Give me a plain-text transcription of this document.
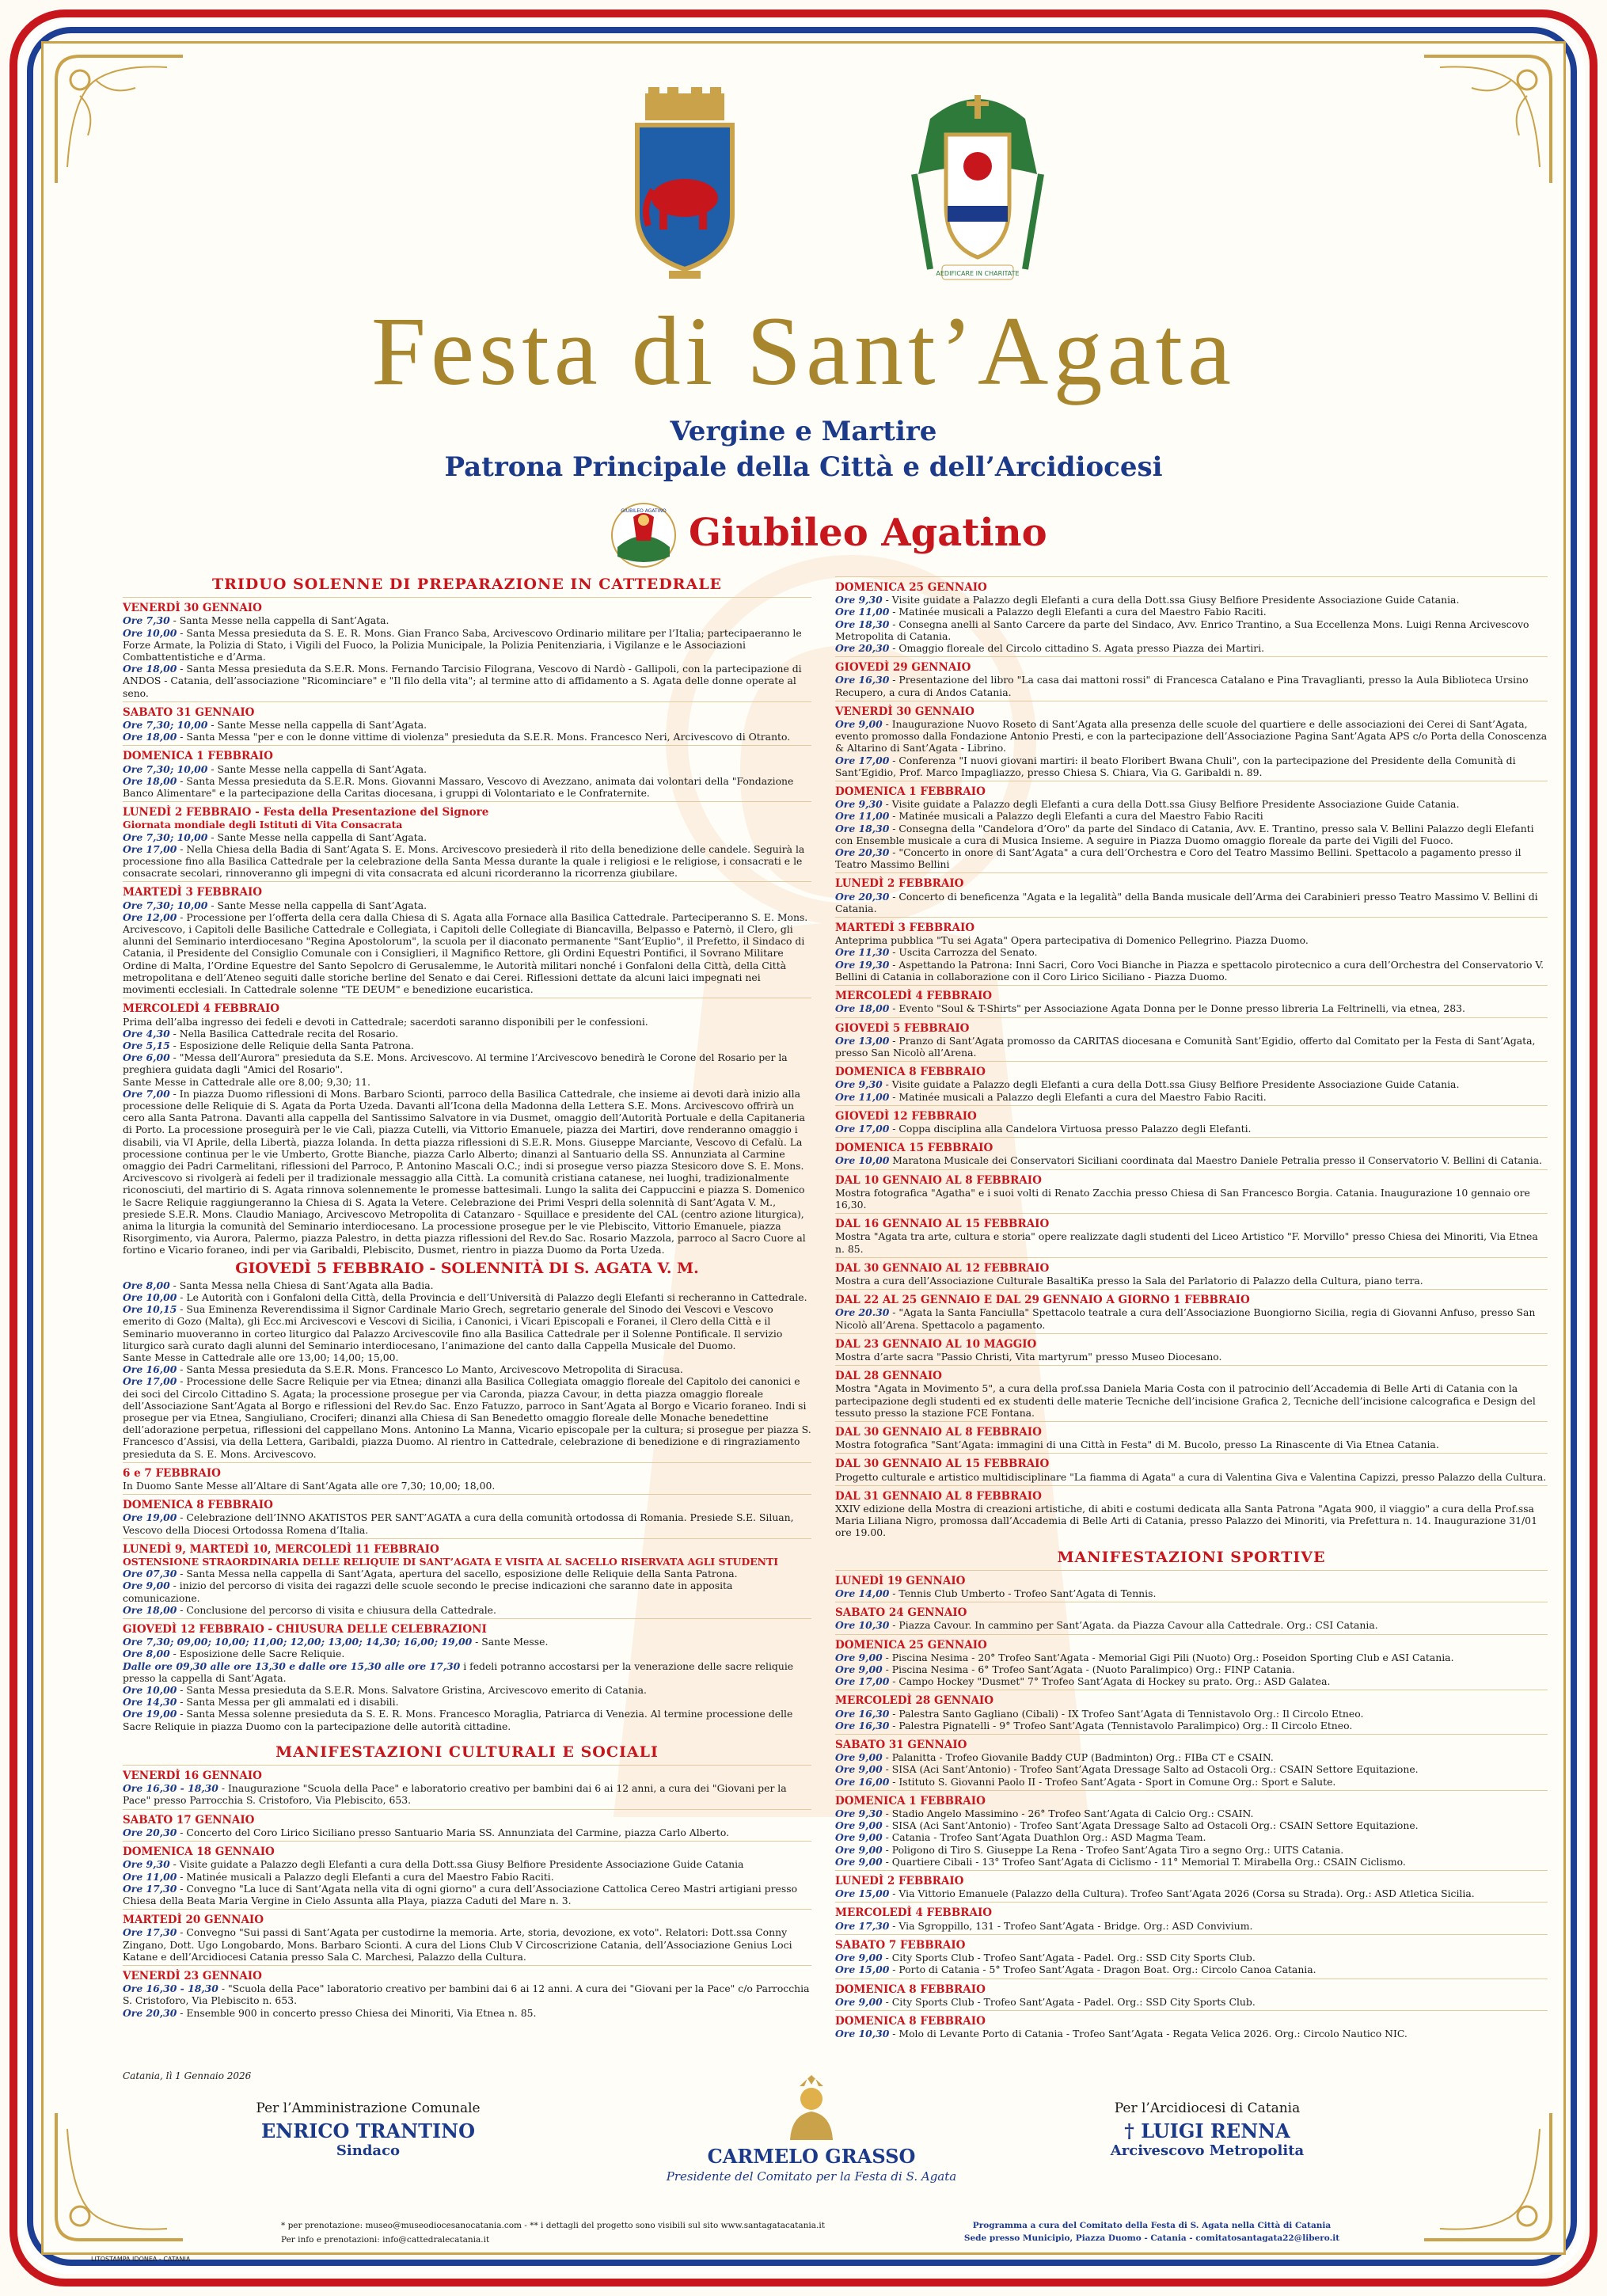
AEDIFICARE IN CHARITATE
Festa di Sant’Agata
Vergine e Martire
Patrona Principale della Città e dell’Arcidiocesi
GIUBILEO AGATINO Giubileo Agatino
TRIDUO SOLENNE DI PREPARAZIONE IN CATTEDRALE
VENERDÌ 30 GENNAIO

Ore 7,30 - Santa Messe nella cappella di Sant’Agata.

Ore 10,00 - Santa Messa presieduta da S. E. R. Mons. Gian Franco Saba, Arcivescovo Ordinario militare per l’Italia; partecipaeranno le Forze Armate, la Polizia di Stato, i Vigili del Fuoco, la Polizia Municipale, la Polizia Penitenziaria, i Vigilanze e le Associazioni Combattentistiche e d’Arma.

Ore 18,00 - Santa Messa presieduta da S.E.R. Mons. Fernando Tarcisio Filograna, Vescovo di Nardò - Gallipoli, con la partecipazione di ANDOS - Catania, dell’associazione "Ricominciare" e "Il filo della vita"; al termine atto di affidamento a S. Agata delle donne operate al seno.

SABATO 31 GENNAIO

Ore 7,30; 10,00 - Sante Messe nella cappella di Sant’Agata.

Ore 18,00 - Santa Messa "per e con le donne vittime di violenza" presieduta da S.E.R. Mons. Francesco Neri, Arcivescovo di Otranto.

DOMENICA 1 FEBBRAIO

Ore 7,30; 10,00 - Sante Messe nella cappella di Sant’Agata.

Ore 18,00 - Santa Messa presieduta da S.E.R. Mons. Giovanni Massaro, Vescovo di Avezzano, animata dai volontari della "Fondazione Banco Alimentare" e la partecipazione della Caritas diocesana, i gruppi di Volontariato e le Confraternite.

LUNEDÌ 2 FEBBRAIO - Festa della Presentazione del Signore
Giornata mondiale degli Istituti di Vita Consacrata

Ore 7,30; 10,00 - Sante Messe nella cappella di Sant’Agata.

Ore 17,00 - Nella Chiesa della Badia di Sant’Agata S. E. Mons. Arcivescovo presiederà il rito della benedizione delle candele. Seguirà la processione fino alla Basilica Cattedrale per la celebrazione della Santa Messa durante la quale i religiosi e le religiose, i consacrati e le consacrate secolari, rinnoveranno gli impegni di vita consacrata ed alcuni ricorderanno la ricorrenza giubilare.

MARTEDÌ 3 FEBBRAIO

Ore 7,30; 10,00 - Sante Messe nella cappella di Sant’Agata.

Ore 12,00 - Processione per l’offerta della cera dalla Chiesa di S. Agata alla Fornace alla Basilica Cattedrale. Parteciperanno S. E. Mons. Arcivescovo, i Capitoli delle Basiliche Cattedrale e Collegiata, i Capitoli delle Collegiate di Biancavilla, Belpasso e Paternò, il Clero, gli alunni del Seminario interdiocesano "Regina Apostolorum", la scuola per il diaconato permanente "Sant’Euplio", il Prefetto, il Sindaco di Catania, il Presidente del Consiglio Comunale con i Consiglieri, il Magnifico Rettore, gli Ordini Equestri Pontifici, il Sovrano Militare Ordine di Malta, l’Ordine Equestre del Santo Sepolcro di Gerusalemme, le Autorità militari nonché i Gonfaloni della Città, della Città metropolitana e dell’Ateneo seguiti dalle storiche berline del Senato e dai Cerei. Riflessioni dettate da alcuni laici impegnati nei movimenti ecclesiali. In Cattedrale solenne "TE DEUM" e benedizione eucaristica.

MERCOLEDÌ 4 FEBBRAIO

Prima dell’alba ingresso dei fedeli e devoti in Cattedrale; sacerdoti saranno disponibili per le confessioni.

Ore 4,30 - Nella Basilica Cattedrale recita del Rosario.

Ore 5,15 - Esposizione delle Reliquie della Santa Patrona.

Ore 6,00 - "Messa dell’Aurora" presieduta da S.E. Mons. Arcivescovo. Al termine l’Arcivescovo benedirà le Corone del Rosario per la preghiera guidata dagli "Amici del Rosario".

Sante Messe in Cattedrale alle ore 8,00; 9,30; 11.

Ore 7,00 - In piazza Duomo riflessioni di Mons. Barbaro Scionti, parroco della Basilica Cattedrale, che insieme ai devoti darà inizio alla processione delle Reliquie di S. Agata da Porta Uzeda. Davanti all’Icona della Madonna della Lettera S.E. Mons. Arcivescovo offrirà un cero alla Santa Patrona. Davanti alla cappella del Santissimo Salvatore in via Dusmet, omaggio dell’Autorità Portuale e della Capitaneria di Porto. La processione proseguirà per le vie Calì, piazza Cutelli, via Vittorio Emanuele, piazza dei Martiri, dove renderanno omaggio i disabili, via VI Aprile, della Libertà, piazza Iolanda. In detta piazza riflessioni di S.E.R. Mons. Giuseppe Marciante, Vescovo di Cefalù. La processione continua per le vie Umberto, Grotte Bianche, piazza Carlo Alberto; dinanzi al Santuario della SS. Annunziata al Carmine omaggio dei Padri Carmelitani, riflessioni del Parroco, P. Antonino Mascali O.C.; indi si prosegue verso piazza Stesicoro dove S. E. Mons. Arcivescovo si rivolgerà ai fedeli per il tradizionale messaggio alla Città. La comunità cristiana catanese, nei luoghi, tradizionalmente riconosciuti, del martirio di S. Agata rinnova solennemente le promesse battesimali. Lungo la salita dei Cappuccini e piazza S. Domenico le Sacre Reliquie raggiungeranno la Chiesa di S. Agata la Vetere. Celebrazione dei Primi Vespri della solennità di Sant’Agata V. M., presiede S.E.R. Mons. Claudio Maniago, Arcivescovo Metropolita di Catanzaro - Squillace e presidente del CAL (centro azione liturgica), anima la liturgia la comunità del Seminario interdiocesano. La processione prosegue per le vie Plebiscito, Vittorio Emanuele, piazza Risorgimento, via Aurora, Palermo, piazza Palestro, in detta piazza riflessioni del Rev.do Sac. Rosario Mazzola, parroco al Sacro Cuore al fortino e Vicario foraneo, indi per via Garibaldi, Plebiscito, Dusmet, rientro in piazza Duomo da Porta Uzeda.

GIOVEDÌ 5 FEBBRAIO - SOLENNITÀ DI S. AGATA V. M.

Ore 8,00 - Santa Messa nella Chiesa di Sant’Agata alla Badia.

Ore 10,00 - Le Autorità con i Gonfaloni della Città, della Provincia e dell’Università di Palazzo degli Elefanti si recheranno in Cattedrale.

Ore 10,15 - Sua Eminenza Reverendissima il Signor Cardinale Mario Grech, segretario generale del Sinodo dei Vescovi e Vescovo emerito di Gozo (Malta), gli Ecc.mi Arcivescovi e Vescovi di Sicilia, i Canonici, i Vicari Episcopali e Foranei, il Clero della Città e il Seminario muoveranno in corteo liturgico dal Palazzo Arcivescovile fino alla Basilica Cattedrale per il Solenne Pontificale. Il servizio liturgico sarà curato dagli alunni del Seminario interdiocesano, l’animazione del canto dalla Cappella Musicale del Duomo.

Sante Messe in Cattedrale alle ore 13,00; 14,00; 15,00.

Ore 16,00 - Santa Messa presieduta da S.E.R. Mons. Francesco Lo Manto, Arcivescovo Metropolita di Siracusa.

Ore 17,00 - Processione delle Sacre Reliquie per via Etnea; dinanzi alla Basilica Collegiata omaggio floreale del Capitolo dei canonici e dei soci del Circolo Cittadino S. Agata; la processione prosegue per via Caronda, piazza Cavour, in detta piazza omaggio floreale dell’Associazione Sant’Agata al Borgo e riflessioni del Rev.do Sac. Enzo Fatuzzo, parroco in Sant’Agata al Borgo e Vicario foraneo. Indi si prosegue per via Etnea, Sangiuliano, Crociferi; dinanzi alla Chiesa di San Benedetto omaggio floreale delle Monache benedettine dell’adorazione perpetua, riflessioni del cappellano Mons. Antonino La Manna, Vicario episcopale per la cultura; si prosegue per piazza S. Francesco d’Assisi, via della Lettera, Garibaldi, piazza Duomo. Al rientro in Cattedrale, celebrazione di benedizione e di ringraziamento presieduta da S. E. Mons. Arcivescovo.

6 e 7 FEBBRAIO

In Duomo Sante Messe all’Altare di Sant’Agata alle ore 7,30; 10,00; 18,00.

DOMENICA 8 FEBBRAIO

Ore 19,00 - Celebrazione dell’INNO AKATISTOS PER SANT’AGATA a cura della comunità ortodossa di Romania. Presiede S.E. Siluan, Vescovo della Diocesi Ortodossa Romena d’Italia.

LUNEDÌ 9, MARTEDÌ 10, MERCOLEDÌ 11 FEBBRAIO
OSTENSIONE STRAORDINARIA DELLE RELIQUIE DI SANT’AGATA E VISITA AL SACELLO RISERVATA AGLI STUDENTI

Ore 07,30 - Santa Messa nella cappella di Sant’Agata, apertura del sacello, esposizione delle Reliquie della Santa Patrona.

Ore 9,00 - inizio del percorso di visita dei ragazzi delle scuole secondo le precise indicazioni che saranno date in apposita comunicazione.

Ore 18,00 - Conclusione del percorso di visita e chiusura della Cattedrale.

GIOVEDÌ 12 FEBBRAIO - CHIUSURA DELLE CELEBRAZIONI

Ore 7,30; 09,00; 10,00; 11,00; 12,00; 13,00; 14,30; 16,00; 19,00 - Sante Messe.

Ore 8,00 - Esposizione delle Sacre Reliquie.

Dalle ore 09,30 alle ore 13,30 e dalle ore 15,30 alle ore 17,30 i fedeli potranno accostarsi per la venerazione delle sacre reliquie presso la cappella di Sant’Agata.

Ore 10,00 - Santa Messa presieduta da S.E.R. Mons. Salvatore Gristina, Arcivescovo emerito di Catania.

Ore 14,30 - Santa Messa per gli ammalati ed i disabili.

Ore 19,00 - Santa Messa solenne presieduta da S. E. R. Mons. Francesco Moraglia, Patriarca di Venezia. Al termine processione delle Sacre Reliquie in piazza Duomo con la partecipazione delle autorità cittadine.

MANIFESTAZIONI CULTURALI E SOCIALI
VENERDÌ 16 GENNAIO

Ore 16,30 - 18,30 - Inaugurazione "Scuola della Pace" e laboratorio creativo per bambini dai 6 ai 12 anni, a cura dei "Giovani per la Pace" presso Parrocchia S. Cristoforo, Via Plebiscito, 653.

SABATO 17 GENNAIO

Ore 20,30 - Concerto del Coro Lirico Siciliano presso Santuario Maria SS. Annunziata del Carmine, piazza Carlo Alberto.

DOMENICA 18 GENNAIO

Ore 9,30 - Visite guidate a Palazzo degli Elefanti a cura della Dott.ssa Giusy Belfiore Presidente Associazione Guide Catania

Ore 11,00 - Matinée musicali a Palazzo degli Elefanti a cura del Maestro Fabio Raciti.

Ore 17,30 - Convegno "La luce di Sant’Agata nella vita di ogni giorno" a cura dell’Associazione Cattolica Cereo Mastri artigiani presso Chiesa della Beata Maria Vergine in Cielo Assunta alla Playa, piazza Caduti del Mare n. 3.

MARTEDÌ 20 GENNAIO

Ore 17,30 - Convegno "Sui passi di Sant’Agata per custodirne la memoria. Arte, storia, devozione, ex voto". Relatori: Dott.ssa Conny Zingano, Dott. Ugo Longobardo, Mons. Barbaro Scionti. A cura del Lions Club V Circoscrizione Catania, dell’Associazione Genius Loci Katane e dell’Arcidiocesi Catania presso Sala C. Marchesi, Palazzo della Cultura.

VENERDÌ 23 GENNAIO

Ore 16,30 - 18,30 - "Scuola della Pace" laboratorio creativo per bambini dai 6 ai 12 anni. A cura dei "Giovani per la Pace" c/o Parrocchia S. Cristoforo, Via Plebiscito n. 653.

Ore 20,30 - Ensemble 900 in concerto presso Chiesa dei Minoriti, Via Etnea n. 85.

DOMENICA 25 GENNAIO

Ore 9,30 - Visite guidate a Palazzo degli Elefanti a cura della Dott.ssa Giusy Belfiore Presidente Associazione Guide Catania.

Ore 11,00 - Matinée musicali a Palazzo degli Elefanti a cura del Maestro Fabio Raciti.

Ore 18,30 - Consegna anelli al Santo Carcere da parte del Sindaco, Avv. Enrico Trantino, a Sua Eccellenza Mons. Luigi Renna Arcivescovo Metropolita di Catania.

Ore 20,30 - Omaggio floreale del Circolo cittadino S. Agata presso Piazza dei Martiri.

GIOVEDÌ 29 GENNAIO

Ore 16,30 - Presentazione del libro "La casa dai mattoni rossi" di Francesca Catalano e Pina Travaglianti, presso la Aula Biblioteca Ursino Recupero, a cura di Andos Catania.

VENERDÌ 30 GENNAIO

Ore 9,00 - Inaugurazione Nuovo Roseto di Sant’Agata alla presenza delle scuole del quartiere e delle associazioni dei Cerei di Sant’Agata, evento promosso dalla Fondazione Antonio Presti, e con la partecipazione dell’Associazione Pagina Sant’Agata APS c/o Porta della Conoscenza & Altarino di Sant’Agata - Librino.

Ore 17,00 - Conferenza "I nuovi giovani martiri: il beato Floribert Bwana Chuli", con la partecipazione del Presidente della Comunità di Sant’Egidio, Prof. Marco Impagliazzo, presso Chiesa S. Chiara, Via G. Garibaldi n. 89.

DOMENICA 1 FEBBRAIO

Ore 9,30 - Visite guidate a Palazzo degli Elefanti a cura della Dott.ssa Giusy Belfiore Presidente Associazione Guide Catania.

Ore 11,00 - Matinée musicali a Palazzo degli Elefanti a cura del Maestro Fabio Raciti

Ore 18,30 - Consegna della "Candelora d’Oro" da parte del Sindaco di Catania, Avv. E. Trantino, presso sala V. Bellini Palazzo degli Elefanti con Ensemble musicale a cura di Musica Insieme. A seguire in Piazza Duomo omaggio floreale da parte dei Vigili del Fuoco.

Ore 20,30 - "Concerto in onore di Sant’Agata" a cura dell’Orchestra e Coro del Teatro Massimo Bellini. Spettacolo a pagamento presso il Teatro Massimo Bellini

LUNEDÌ 2 FEBBRAIO

Ore 20,30 - Concerto di beneficenza "Agata e la legalità" della Banda musicale dell’Arma dei Carabinieri presso Teatro Massimo V. Bellini di Catania.

MARTEDÌ 3 FEBBRAIO

Anteprima pubblica "Tu sei Agata" Opera partecipativa di Domenico Pellegrino. Piazza Duomo.

Ore 11,30 - Uscita Carrozza del Senato.

Ore 19,30 - Aspettando la Patrona: Inni Sacri, Coro Voci Bianche in Piazza e spettacolo pirotecnico a cura dell’Orchestra del Conservatorio V. Bellini di Catania in collaborazione con il Coro Lirico Siciliano - Piazza Duomo.

MERCOLEDÌ 4 FEBBRAIO

Ore 18,00 - Evento "Soul & T-Shirts" per Associazione Agata Donna per le Donne presso libreria La Feltrinelli, via etnea, 283.

GIOVEDÌ 5 FEBBRAIO

Ore 13,00 - Pranzo di Sant’Agata promosso da CARITAS diocesana e Comunità Sant’Egidio, offerto dal Comitato per la Festa di Sant’Agata, presso San Nicolò all’Arena.

DOMENICA 8 FEBBRAIO

Ore 9,30 - Visite guidate a Palazzo degli Elefanti a cura della Dott.ssa Giusy Belfiore Presidente Associazione Guide Catania.

Ore 11,00 - Matinée musicali a Palazzo degli Elefanti a cura del Maestro Fabio Raciti.

GIOVEDÌ 12 FEBBRAIO

Ore 17,00 - Coppa disciplina alla Candelora Virtuosa presso Palazzo degli Elefanti.

DOMENICA 15 FEBBRAIO

Ore 10,00 Maratona Musicale dei Conservatori Siciliani coordinata dal Maestro Daniele Petralia presso il Conservatorio V. Bellini di Catania.

DAL 10 GENNAIO AL 8 FEBBRAIO

Mostra fotografica "Agatha" e i suoi volti di Renato Zacchia presso Chiesa di San Francesco Borgia. Catania. Inaugurazione 10 gennaio ore 16,30.

DAL 16 GENNAIO AL 15 FEBBRAIO

Mostra "Agata tra arte, cultura e storia" opere realizzate dagli studenti del Liceo Artistico "F. Morvillo" presso Chiesa dei Minoriti, Via Etnea n. 85.

DAL 30 GENNAIO AL 12 FEBBRAIO

Mostra a cura dell’Associazione Culturale BasaltiKa presso la Sala del Parlatorio di Palazzo della Cultura, piano terra.

DAL 22 AL 25 GENNAIO E DAL 29 GENNAIO A GIORNO 1 FEBBRAIO

Ore 20.30 - "Agata la Santa Fanciulla" Spettacolo teatrale a cura dell’Associazione Buongiorno Sicilia, regia di Giovanni Anfuso, presso San Nicolò all’Arena. Spettacolo a pagamento.

DAL 23 GENNAIO AL 10 MAGGIO

Mostra d’arte sacra "Passio Christi, Vita martyrum" presso Museo Diocesano.

DAL 28 GENNAIO

Mostra "Agata in Movimento 5", a cura della prof.ssa Daniela Maria Costa con il patrocinio dell’Accademia di Belle Arti di Catania con la partecipazione degli studenti ed ex studenti delle materie Tecniche dell’incisione Grafica 2, Tecniche dell’incisione calcografica e Design del tessuto presso la stazione FCE Fontana.

DAL 30 GENNAIO AL 8 FEBBRAIO

Mostra fotografica "Sant’Agata: immagini di una Città in Festa" di M. Bucolo, presso La Rinascente di Via Etnea Catania.

DAL 30 GENNAIO AL 15 FEBBRAIO

Progetto culturale e artistico multidisciplinare "La fiamma di Agata" a cura di Valentina Giva e Valentina Capizzi, presso Palazzo della Cultura.

DAL 31 GENNAIO AL 8 FEBBRAIO

XXIV edizione della Mostra di creazioni artistiche, di abiti e costumi dedicata alla Santa Patrona "Agata 900, il viaggio" a cura della Prof.ssa Maria Liliana Nigro, promossa dall’Accademia di Belle Arti di Catania, presso Palazzo dei Minoriti, via Prefettura n. 14. Inaugurazione 31/01 ore 19.00.

MANIFESTAZIONI SPORTIVE
LUNEDÌ 19 GENNAIO

Ore 14,00 - Tennis Club Umberto - Trofeo Sant’Agata di Tennis.

SABATO 24 GENNAIO

Ore 10,30 - Piazza Cavour. In cammino per Sant’Agata. da Piazza Cavour alla Cattedrale. Org.: CSI Catania.

DOMENICA 25 GENNAIO

Ore 9,00 - Piscina Nesima - 20° Trofeo Sant’Agata - Memorial Gigi Pili (Nuoto) Org.: Poseidon Sporting Club e ASI Catania.

Ore 9,00 - Piscina Nesima - 6° Trofeo Sant’Agata - (Nuoto Paralimpico) Org.: FINP Catania.

Ore 17,00 - Campo Hockey "Dusmet" 7° Trofeo Sant’Agata di Hockey su prato. Org.: ASD Galatea.

MERCOLEDÌ 28 GENNAIO

Ore 16,30 - Palestra Santo Gagliano (Cibali) - IX Trofeo Sant’Agata di Tennistavolo Org.: Il Circolo Etneo.

Ore 16,30 - Palestra Pignatelli - 9° Trofeo Sant’Agata (Tennistavolo Paralimpico) Org.: Il Circolo Etneo.

SABATO 31 GENNAIO

Ore 9,00 - Palanitta - Trofeo Giovanile Baddy CUP (Badminton) Org.: FIBa CT e CSAIN.

Ore 9,00 - SISA (Aci Sant’Antonio) - Trofeo Sant’Agata Dressage Salto ad Ostacoli Org.: CSAIN Settore Equitazione.

Ore 16,00 - Istituto S. Giovanni Paolo II - Trofeo Sant’Agata - Sport in Comune Org.: Sport e Salute.

DOMENICA 1 FEBBRAIO

Ore 9,30 - Stadio Angelo Massimino - 26° Trofeo Sant’Agata di Calcio Org.: CSAIN.

Ore 9,00 - SISA (Aci Sant’Antonio) - Trofeo Sant’Agata Dressage Salto ad Ostacoli Org.: CSAIN Settore Equitazione.

Ore 9,00 - Catania - Trofeo Sant’Agata Duathlon Org.: ASD Magma Team.

Ore 9,00 - Poligono di Tiro S. Giuseppe La Rena - Trofeo Sant’Agata Tiro a segno Org.: UITS Catania.

Ore 9,00 - Quartiere Cibali - 13° Trofeo Sant’Agata di Ciclismo - 11° Memorial T. Mirabella Org.: CSAIN Ciclismo.

LUNEDÌ 2 FEBBRAIO

Ore 15,00 - Via Vittorio Emanuele (Palazzo della Cultura). Trofeo Sant’Agata 2026 (Corsa su Strada). Org.: ASD Atletica Sicilia.

MERCOLEDÌ 4 FEBBRAIO

Ore 17,30 - Via Sgroppillo, 131 - Trofeo Sant’Agata - Bridge. Org.: ASD Convivium.

SABATO 7 FEBBRAIO

Ore 9,00 - City Sports Club - Trofeo Sant’Agata - Padel. Org.: SSD City Sports Club.

Ore 15,00 - Porto di Catania - 5° Trofeo Sant’Agata - Dragon Boat. Org.: Circolo Canoa Catania.

DOMENICA 8 FEBBRAIO

Ore 9,00 - City Sports Club - Trofeo Sant’Agata - Padel. Org.: SSD City Sports Club.

DOMENICA 8 FEBBRAIO

Ore 10,30 - Molo di Levante Porto di Catania - Trofeo Sant’Agata - Regata Velica 2026. Org.: Circolo Nautico NIC.

Catania, lì 1 Gennaio 2026
Per l’Amministrazione Comunale
ENRICO TRANTINO
Sindaco	CARMELO GRASSO
Presidente del Comitato per la Festa di S. Agata
Per l’Arcidiocesi di Catania
† LUIGI RENNA
Arcivescovo Metropolita
* per prenotazione: museo@museodiocesanocatania.com - ** i dettagli del progetto sono visibili sul sito www.santagatacatania.it
Per info e prenotazioni: info@cattedralecatania.it
Programma a cura del Comitato della Festa di S. Agata nella Città di Catania
Sede presso Municipio, Piazza Duomo - Catania - comitatosantagata22@libero.it
LITOSTAMPA IDONEA - CATANIA
